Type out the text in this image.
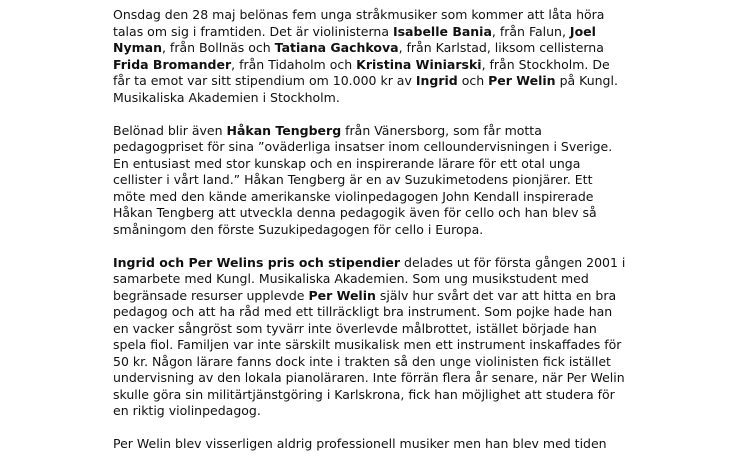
Onsdag den 28 maj belönas fem unga stråkmusiker som kommer att låta höra
talas om sig i framtiden. Det är violinisterna Isabelle Bania, från Falun, Joel
Nyman, från Bollnäs och Tatiana Gachkova, från Karlstad, liksom cellisterna
Frida Bromander, från Tidaholm och Kristina Winiarski, från Stockholm. De
får ta emot var sitt stipendium om 10.000 kr av Ingrid och Per Welin på Kungl.
Musikaliska Akademien i Stockholm.

Belönad blir även Håkan Tengberg från Vänersborg, som får motta
pedagogpriset för sina ”oväderliga insatser inom celloundervisningen i Sverige.
En entusiast med stor kunskap och en inspirerande lärare för ett otal unga
cellister i vårt land.” Håkan Tengberg är en av Suzukimetodens pionjärer. Ett
möte med den kände amerikanske violinpedagogen John Kendall inspirerade
Håkan Tengberg att utveckla denna pedagogik även för cello och han blev så
småningom den förste Suzukipedagogen för cello i Europa.

Ingrid och Per Welins pris och stipendier delades ut för första gången 2001 i
samarbete med Kungl. Musikaliska Akademien. Som ung musikstudent med
begränsade resurser upplevde Per Welin själv hur svårt det var att hitta en bra
pedagog och att ha råd med ett tillräckligt bra instrument. Som pojke hade han
en vacker sångröst som tyvärr inte överlevde målbrottet, istället började han
spela fiol. Familjen var inte särskilt musikalisk men ett instrument inskaffades för
50 kr. Någon lärare fanns dock inte i trakten så den unge violinisten fick istället
undervisning av den lokala pianoläraren. Inte förrän flera år senare, när Per Welin
skulle göra sin militärtjänstgöring i Karlskrona, fick han möjlighet att studera för
en riktig violinpedagog.

Per Welin blev visserligen aldrig professionell musiker men han blev med tiden
